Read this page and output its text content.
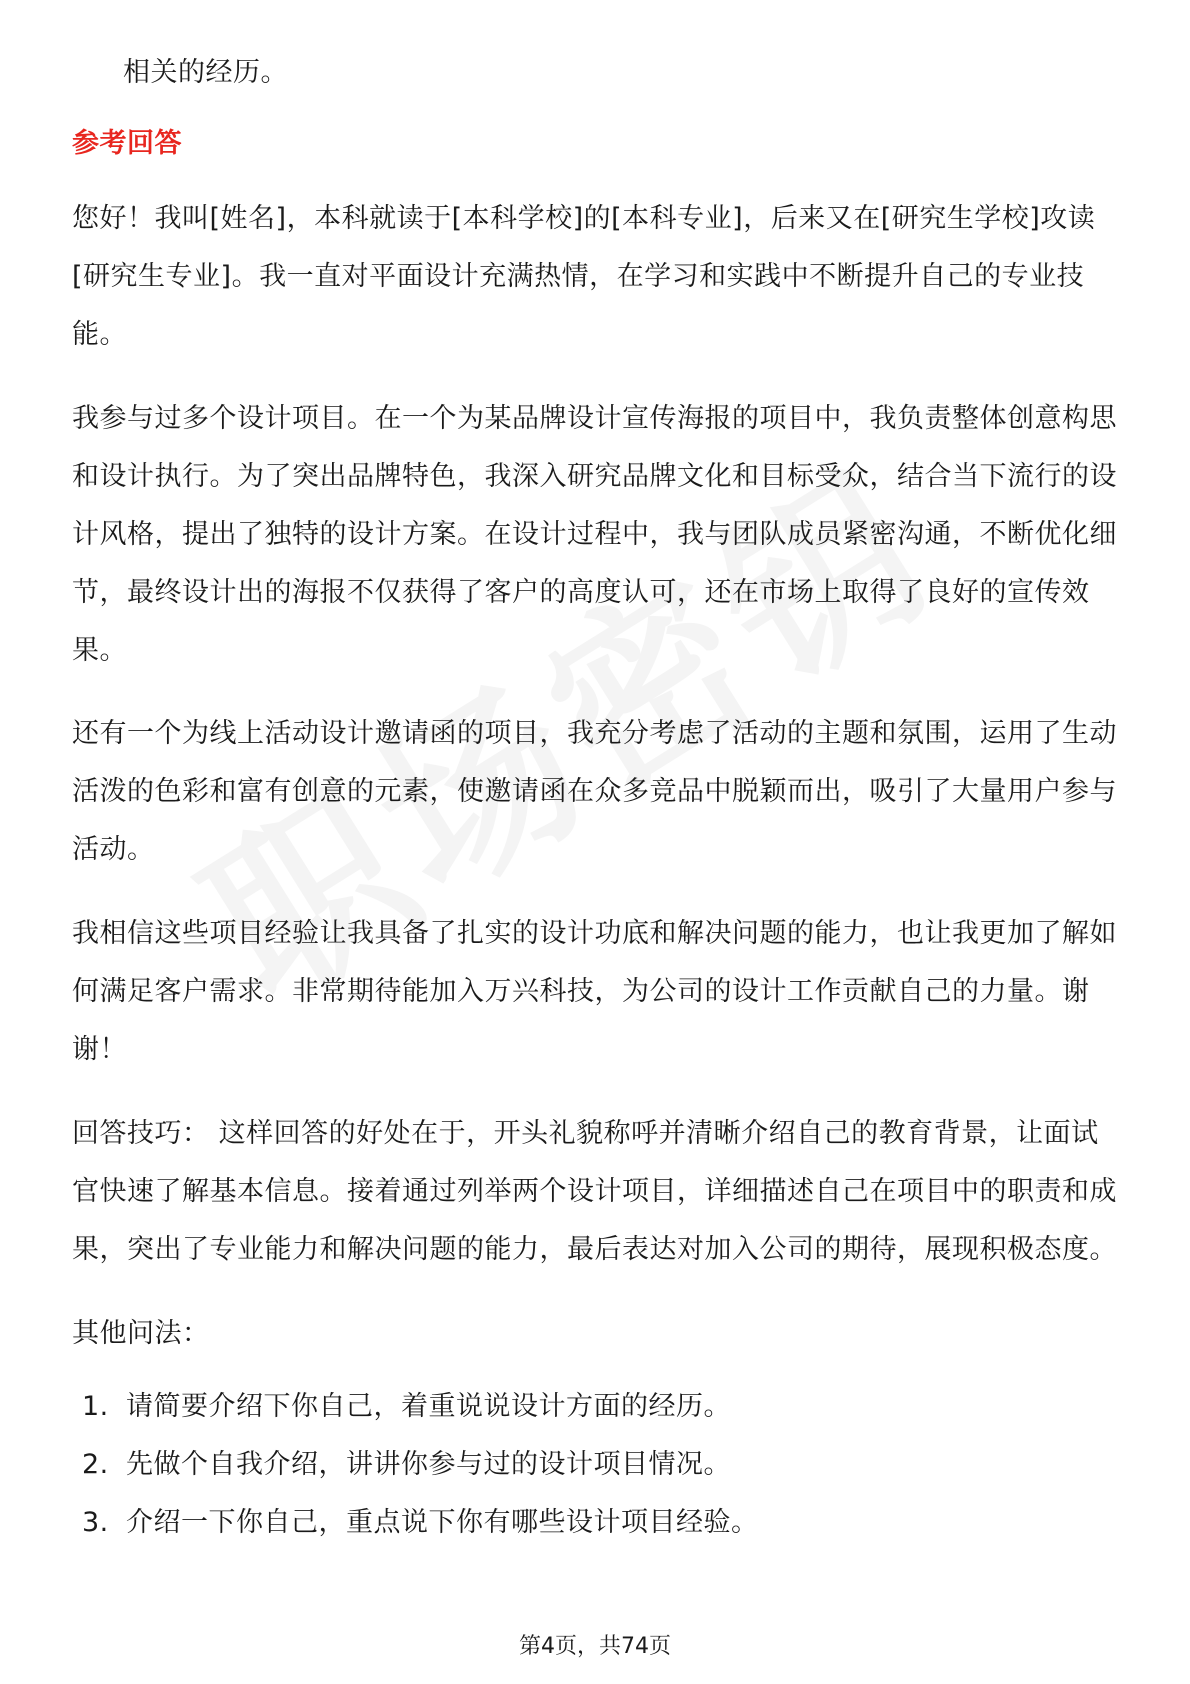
相关的经历。

参考回答

您好！我叫[姓名]，本科就读于[本科学校]的[本科专业]，后来又在[研究生学校]攻读[研究生专业]。我一直对平面设计充满热情，在学习和实践中不断提升自己的专业技能。

我参与过多个设计项目。在一个为某品牌设计宣传海报的项目中，我负责整体创意构思和设计执行。为了突出品牌特色，我深入研究品牌文化和目标受众，结合当下流行的设计风格，提出了独特的设计方案。在设计过程中，我与团队成员紧密沟通，不断优化细节，最终设计出的海报不仅获得了客户的高度认可，还在市场上取得了良好的宣传效果。

还有一个为线上活动设计邀请函的项目，我充分考虑了活动的主题和氛围，运用了生动活泼的色彩和富有创意的元素，使邀请函在众多竞品中脱颖而出，吸引了大量用户参与活动。

我相信这些项目经验让我具备了扎实的设计功底和解决问题的能力，也让我更加了解如何满足客户需求。非常期待能加入万兴科技，为公司的设计工作贡献自己的力量。谢谢！

回答技巧： 这样回答的好处在于，开头礼貌称呼并清晰介绍自己的教育背景，让面试官快速了解基本信息。接着通过列举两个设计项目，详细描述自己在项目中的职责和成果，突出了专业能力和解决问题的能力，最后表达对加入公司的期待，展现积极态度。

其他问法：

1. 请简要介绍下你自己，着重说说设计方面的经历。
2. 先做个自我介绍，讲讲你参与过的设计项目情况。
3. 介绍一下你自己，重点说下你有哪些设计项目经验。
第4页，共74页
